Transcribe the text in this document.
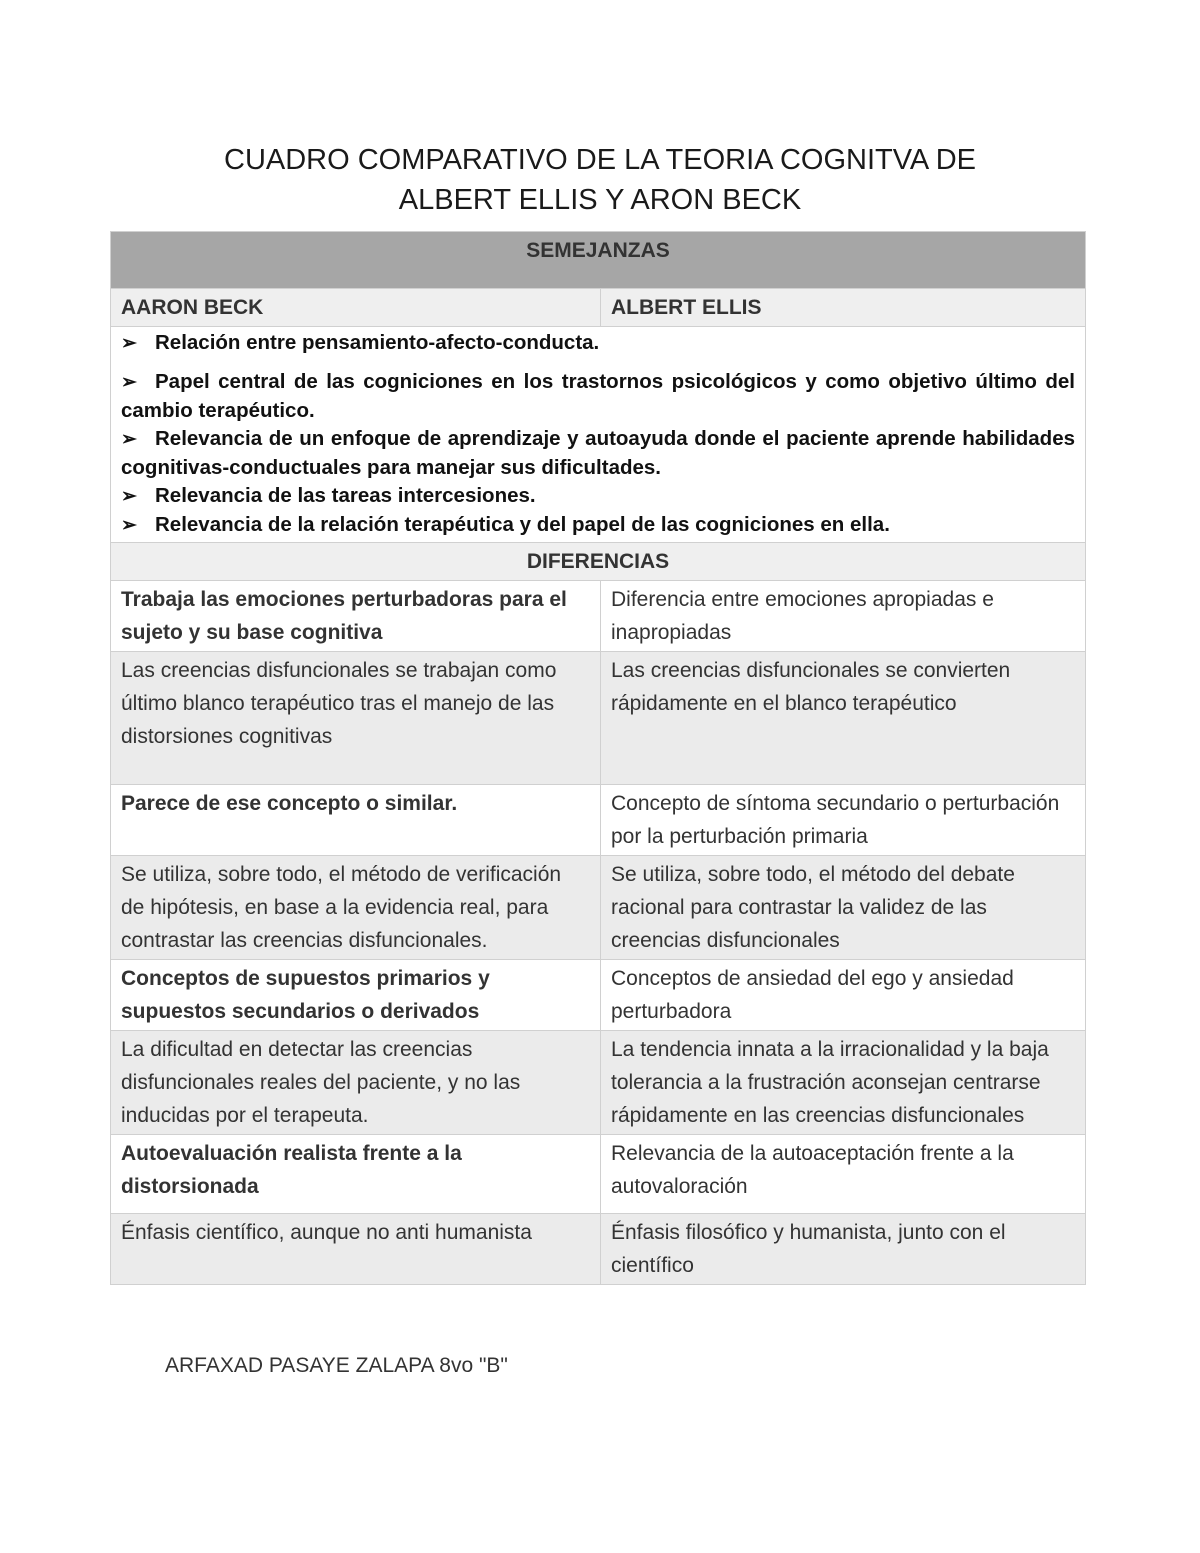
CUADRO COMPARATIVO DE LA TEORIA COGNITVA DE
ALBERT ELLIS Y ARON BECK
SEMEJANZAS	
AARON BECK	ALBERT ELLIS

➢ Relación entre pensamiento-afecto-conducta.

➢ Papel central de las cogniciones en los trastornos psicológicos y como objetivo último del cambio terapéutico.

➢ Relevancia de un enfoque de aprendizaje y autoayuda donde el paciente aprende habilidades cognitivas-conductuales para manejar sus dificultades.

➢ Relevancia de las tareas intercesiones.

➢ Relevancia de la relación terapéutica y del papel de las cogniciones en ella.	

DIFERENCIAS	
Trabaja las emociones perturbadoras para el sujeto y su base cognitiva	Diferencia entre emociones apropiadas e inapropiadas
Las creencias disfuncionales se trabajan como último blanco terapéutico tras el manejo de las distorsiones cognitivas	Las creencias disfuncionales se convierten rápidamente en el blanco terapéutico
Parece de ese concepto o similar.	Concepto de síntoma secundario o perturbación por la perturbación primaria
Se utiliza, sobre todo, el método de verificación de hipótesis, en base a la evidencia real, para contrastar las creencias disfuncionales.	Se utiliza, sobre todo, el método del debate racional para contrastar la validez de las creencias disfuncionales
Conceptos de supuestos primarios y supuestos secundarios o derivados	Conceptos de ansiedad del ego y ansiedad perturbadora
La dificultad en detectar las creencias disfuncionales reales del paciente, y no las inducidas por el terapeuta.	La tendencia innata a la irracionalidad y la baja tolerancia a la frustración aconsejan centrarse rápidamente en las creencias disfuncionales
Autoevaluación realista frente a la distorsionada	Relevancia de la autoaceptación frente a la autovaloración
Énfasis científico, aunque no anti humanista	Énfasis filosófico y humanista, junto con el científico
ARFAXAD PASAYE ZALAPA 8vo "B"
